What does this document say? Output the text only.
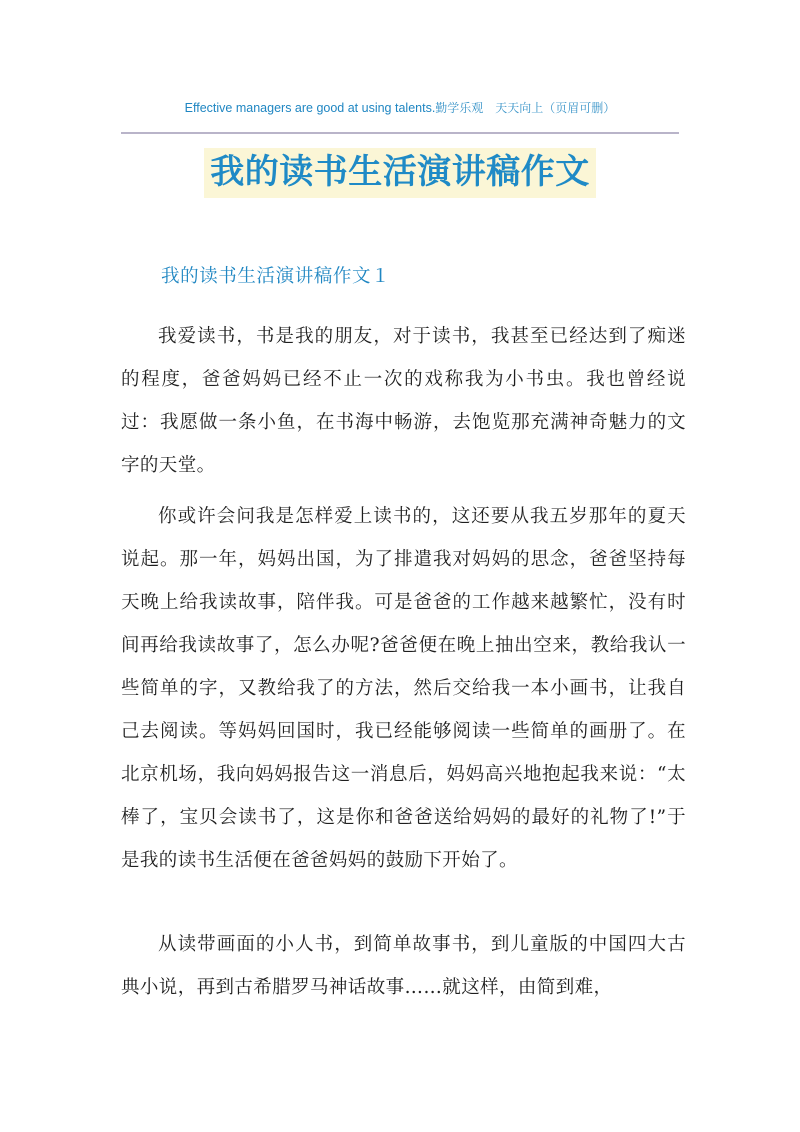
Effective managers are good at using talents.勤学乐观　天天向上（页眉可删）
我的读书生活演讲稿作文
我的读书生活演讲稿作文１
我爱读书，书是我的朋友，对于读书，我甚至已经达到了痴迷的程度，爸爸妈妈已经不止一次的戏称我为小书虫。我也曾经说过：我愿做一条小鱼，在书海中畅游，去饱览那充满神奇魅力的文字的天堂。
你或许会问我是怎样爱上读书的，这还要从我五岁那年的夏天说起。那一年，妈妈出国，为了排遣我对妈妈的思念，爸爸坚持每天晚上给我读故事，陪伴我。可是爸爸的工作越来越繁忙，没有时间再给我读故事了，怎么办呢?爸爸便在晚上抽出空来，教给我认一些简单的字，又教给我了的方法，然后交给我一本小画书，让我自己去阅读。等妈妈回国时，我已经能够阅读一些简单的画册了。在北京机场，我向妈妈报告这一消息后，妈妈高兴地抱起我来说：“太棒了，宝贝会读书了，这是你和爸爸送给妈妈的最好的礼物了!”于是我的读书生活便在爸爸妈妈的鼓励下开始了。
从读带画面的小人书，到简单故事书，到儿童版的中国四大古典小说，再到古希腊罗马神话故事……就这样，由简到难，
